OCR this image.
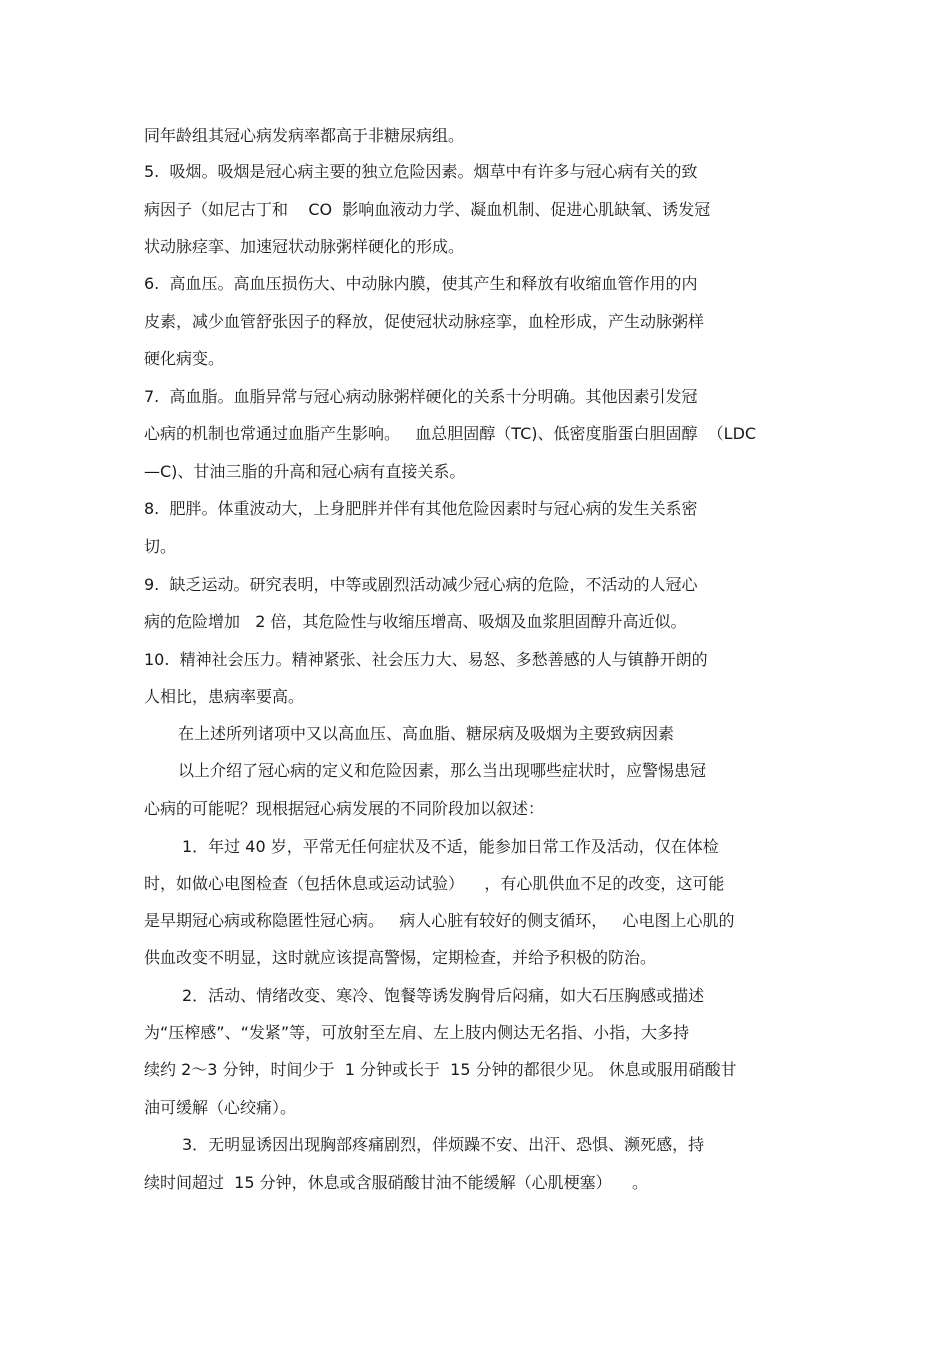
同年龄组其冠心病发病率都高于非糖尿病组。
5.  吸烟。吸烟是冠心病主要的独立危险因素。烟草中有许多与冠心病有关的致
病因子（如尼古丁和    CO  影响血液动力学、凝血机制、促进心肌缺氧、诱发冠
状动脉痉挛、加速冠状动脉粥样硬化的形成。
6.  高血压。高血压损伤大、中动脉内膜，使其产生和释放有收缩血管作用的内
皮素，减少血管舒张因子的释放，促使冠状动脉痉挛，血栓形成，产生动脉粥样
硬化病变。
7.  高血脂。血脂异常与冠心病动脉粥样硬化的关系十分明确。其他因素引发冠
心病的机制也常通过血脂产生影响。   血总胆固醇（TC)、低密度脂蛋白胆固醇  （LDC
—C)、甘油三脂的升高和冠心病有直接关系。
8.  肥胖。体重波动大，上身肥胖并伴有其他危险因素时与冠心病的发生关系密
切。
9.  缺乏运动。研究表明，中等或剧烈活动减少冠心病的危险，不活动的人冠心
病的危险增加   2 倍，其危险性与收缩压增高、吸烟及血浆胆固醇升高近似。
10.  精神社会压力。精神紧张、社会压力大、易怒、多愁善感的人与镇静开朗的
人相比，患病率要高。
在上述所列诸项中又以高血压、高血脂、糖尿病及吸烟为主要致病因素
以上介绍了冠心病的定义和危险因素，那么当出现哪些症状时，应警惕患冠
心病的可能呢？现根据冠心病发展的不同阶段加以叙述：
1．年过 40 岁，平常无任何症状及不适，能参加日常工作及活动，仅在体检
时，如做心电图检查（包括休息或运动试验）    ，有心肌供血不足的改变，这可能
是早期冠心病或称隐匿性冠心病。   病人心脏有较好的侧支循环，   心电图上心肌的
供血改变不明显，这时就应该提高警惕，定期检查，并给予积极的防治。
2．活动、情绪改变、寒冷、饱餐等诱发胸骨后闷痛，如大石压胸感或描述
为“压榨感”、“发紧”等，可放射至左肩、左上肢内侧达无名指、小指，大多持
续约 2～3 分钟，时间少于  1 分钟或长于  15 分钟的都很少见。 休息或服用硝酸甘
油可缓解（心绞痛）。
3．无明显诱因出现胸部疼痛剧烈，伴烦躁不安、出汗、恐惧、濒死感，持
续时间超过  15 分钟，休息或含服硝酸甘油不能缓解（心肌梗塞）    。
